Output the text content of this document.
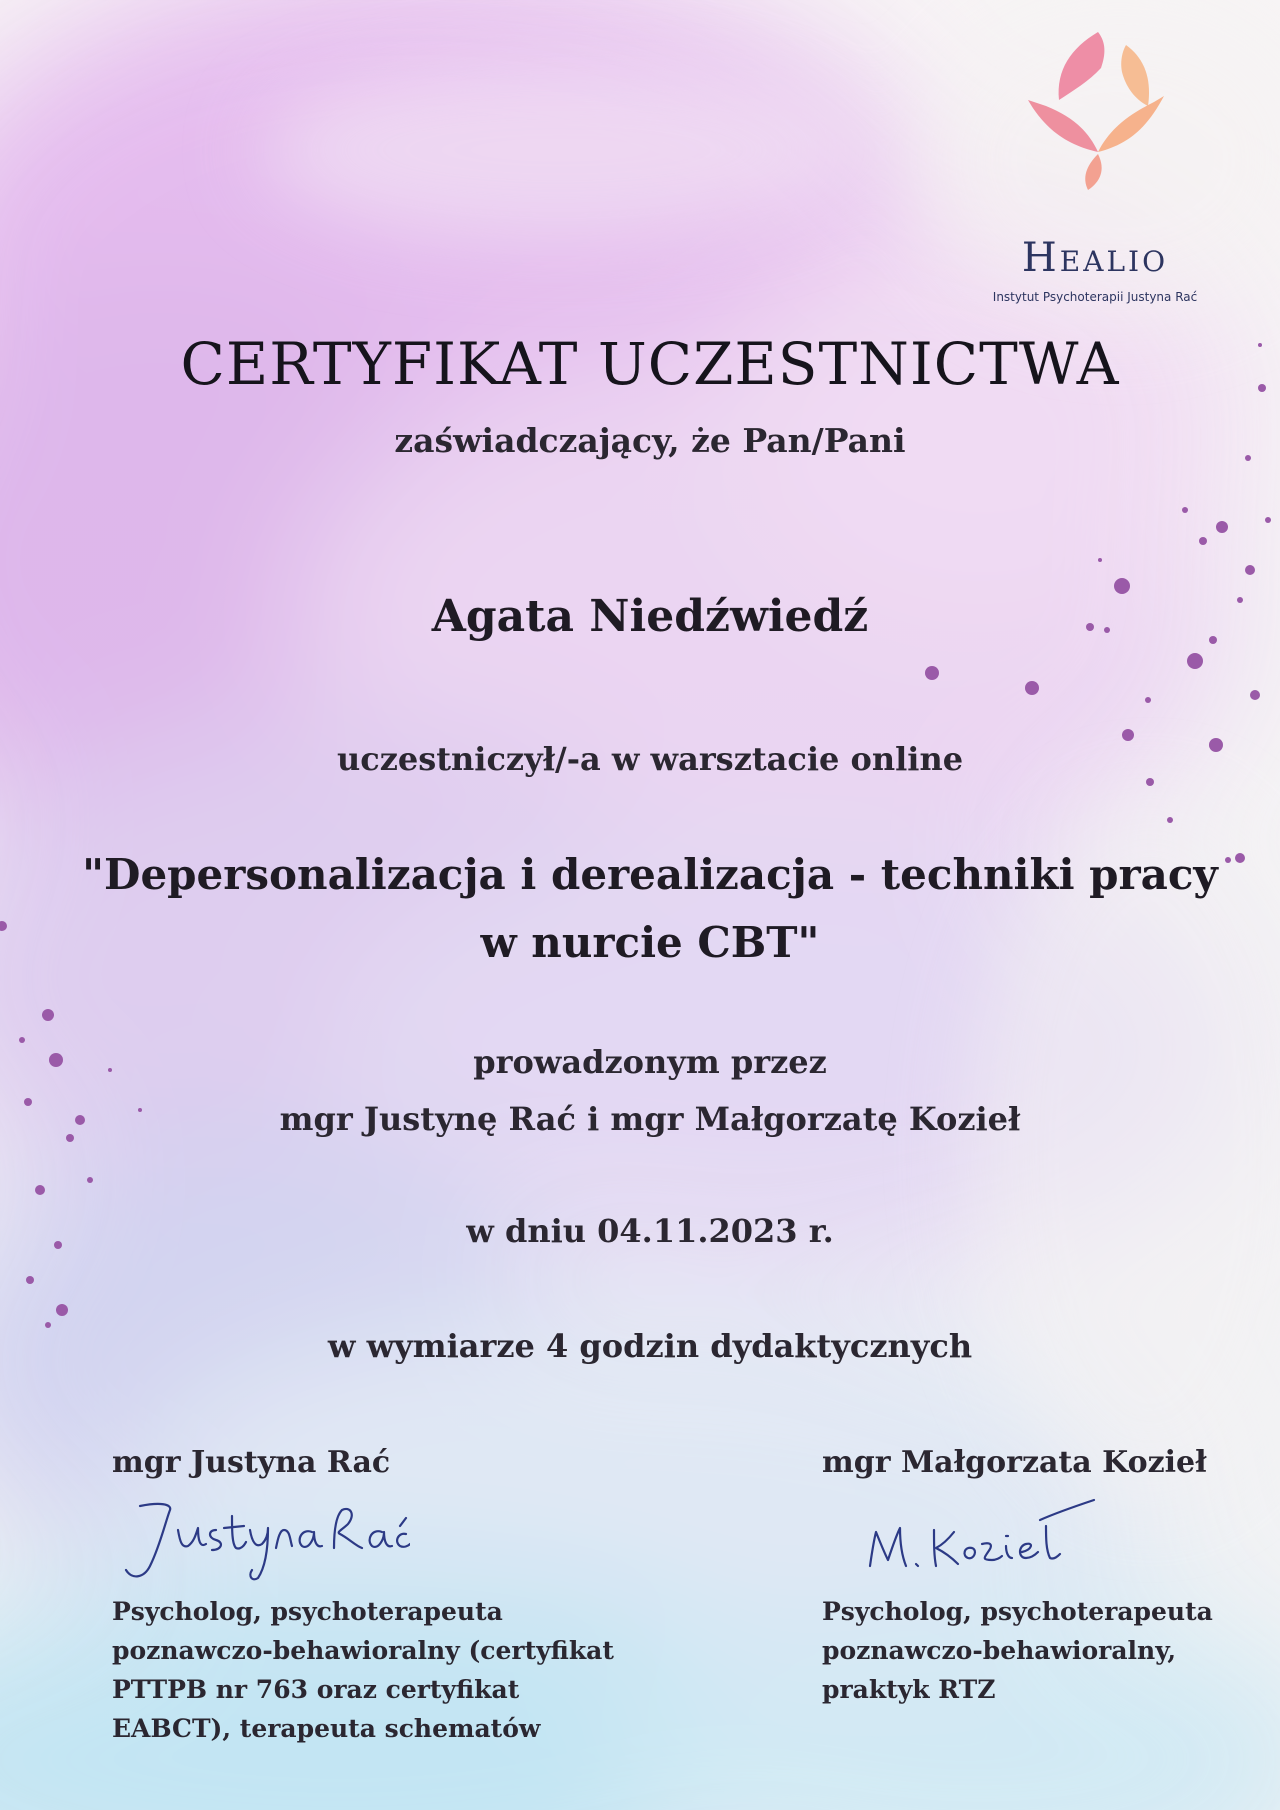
Healio
Instytut Psychoterapii Justyna Rać
CERTYFIKAT UCZESTNICTWA
zaświadczający, że Pan/Pani
Agata Niedźwiedź
uczestniczył/-a w warsztacie online
"Depersonalizacja i derealizacja - techniki pracy
w nurcie CBT"
prowadzonym przez
mgr Justynę Rać i mgr Małgorzatę Kozieł
w dniu 04.11.2023 r.
w wymiarze 4 godzin dydaktycznych
mgr Justyna Rać
Psycholog, psychoterapeuta
poznawczo-behawioralny (certyfikat
PTTPB nr 763 oraz certyfikat
EABCT), terapeuta schematów
mgr Małgorzata Kozieł
Psycholog, psychoterapeuta
poznawczo-behawioralny,
praktyk RTZ
